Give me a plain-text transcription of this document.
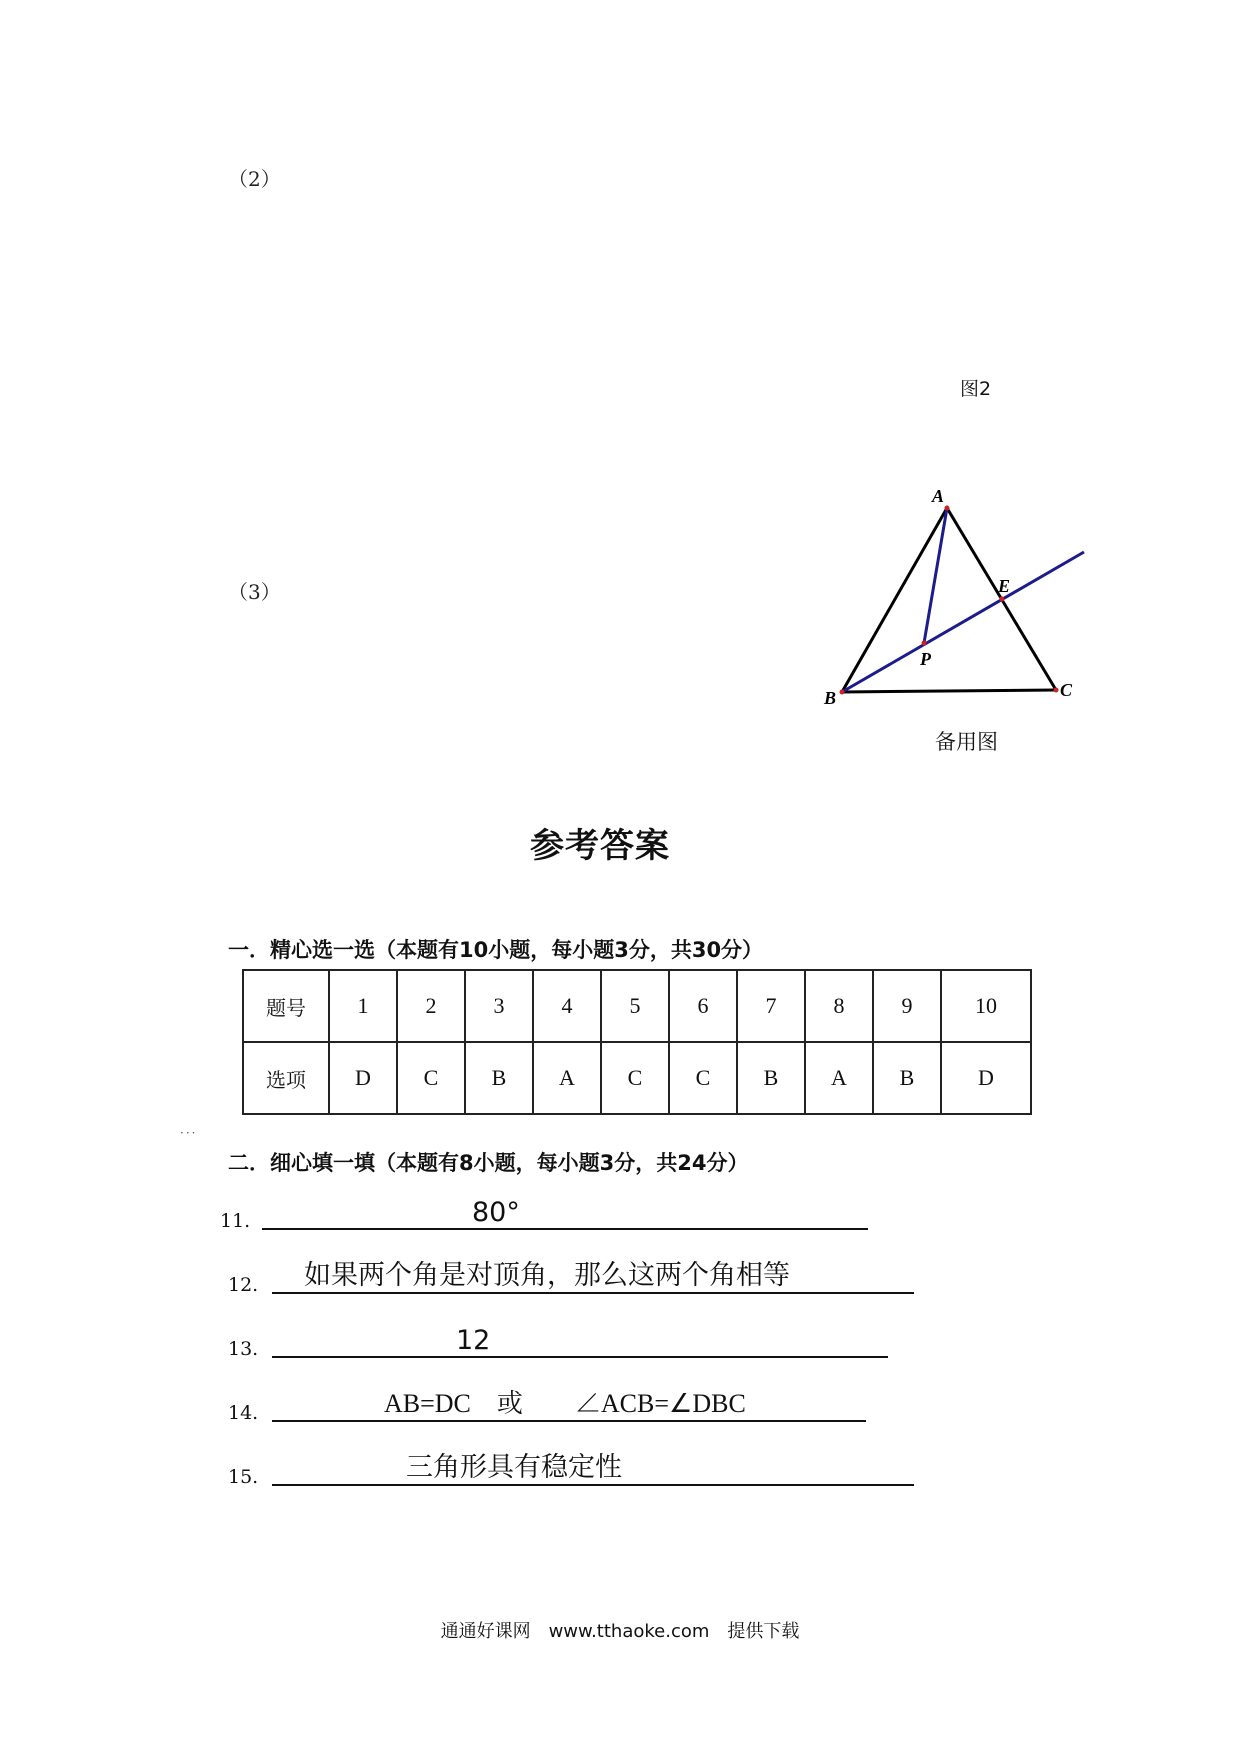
（2）
（3）
图2
A
B	C
E
P
备用图
参考答案
一．精心选一选（本题有10小题，每小题3分，共30分）
题号	1	2	3	4	5	6	7	8	9	10
选项	D	C	B	A	C	C	B	A	B	D
···
二．细心填一填（本题有8小题，每小题3分，共24分）
11.	80°
12. 如果两个角是对顶角，那么这两个角相等
13.	12
14.	AB=DC　或　　∠ACB=∠DBC
15.	三角形具有稳定性
通通好课网　www.tthaoke.com　提供下载
